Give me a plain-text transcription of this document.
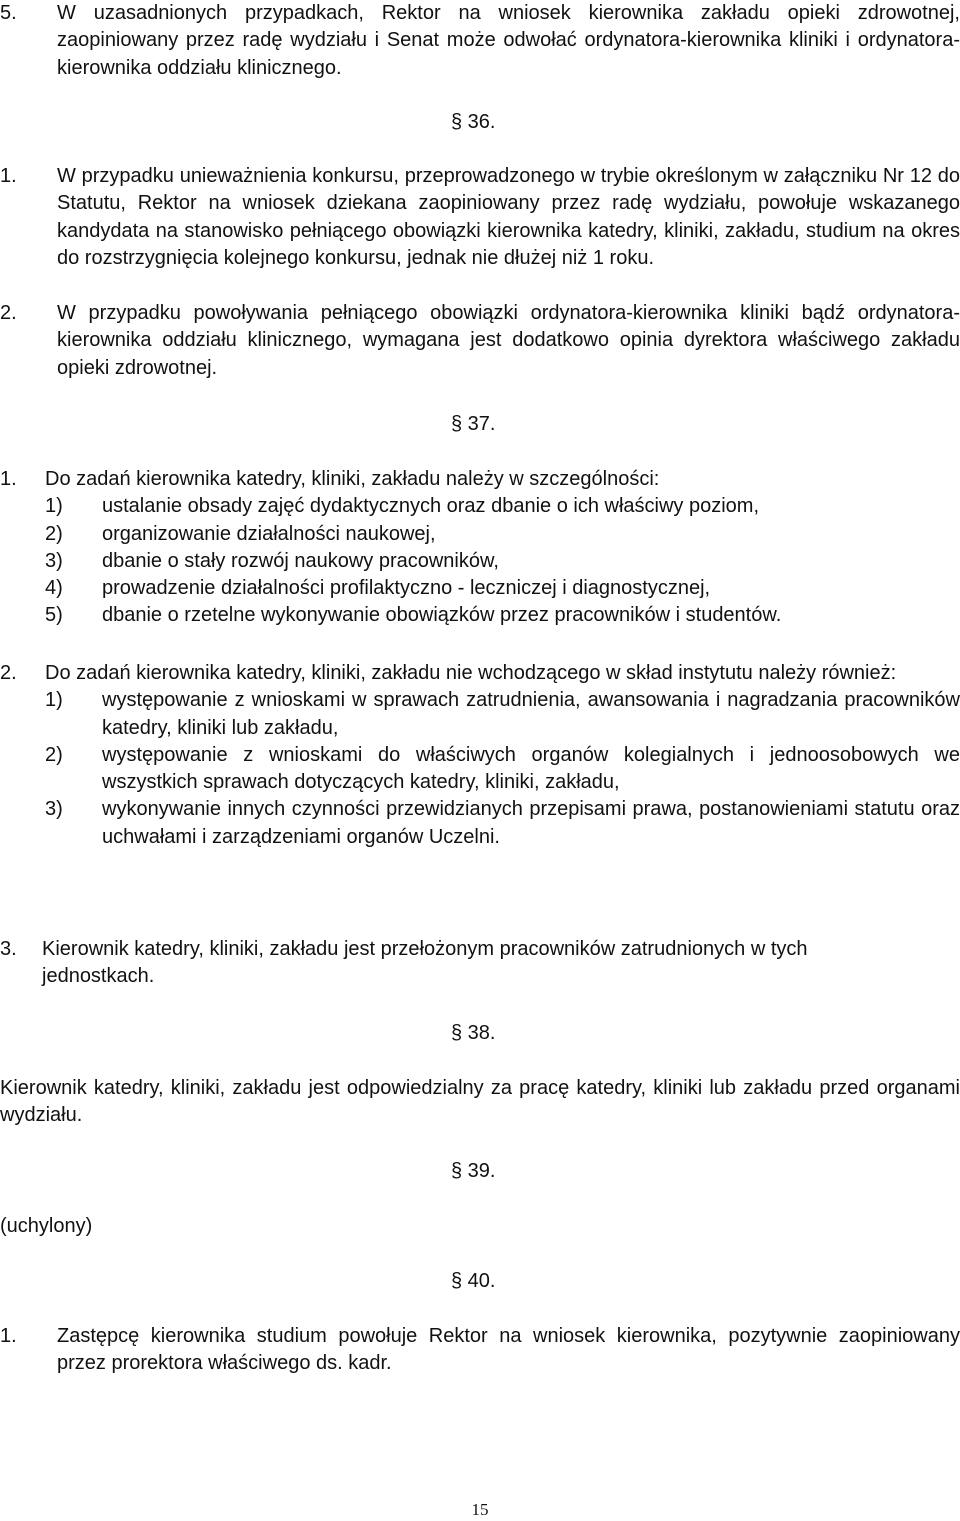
5.	W uzasadnionych przypadkach, Rektor na wniosek kierownika zakładu opieki zdrowotnej, zaopiniowany przez radę wydziału i Senat może odwołać ordynatora-kierownika kliniki i ordynatora-kierownika oddziału klinicznego.
§ 36.
1.	W przypadku unieważnienia konkursu, przeprowadzonego w trybie określonym w załączniku Nr 12 do Statutu, Rektor na wniosek dziekana zaopiniowany przez radę wydziału, powołuje wskazanego kandydata na stanowisko pełniącego obowiązki kierownika katedry, kliniki, zakładu, studium na okres do rozstrzygnięcia kolejnego konkursu, jednak nie dłużej niż 1 roku.
2.	W przypadku powoływania pełniącego obowiązki ordynatora-kierownika kliniki bądź ordynatora-kierownika oddziału klinicznego, wymagana jest dodatkowo opinia dyrektora właściwego zakładu opieki zdrowotnej.
§ 37.
1.	Do zadań kierownika katedry, kliniki, zakładu należy w szczególności:
1)	ustalanie obsady zajęć dydaktycznych oraz dbanie o ich właściwy poziom,
2)	organizowanie działalności naukowej,
3)	dbanie o stały rozwój naukowy pracowników,
4)	prowadzenie działalności profilaktyczno - leczniczej i diagnostycznej,
5)	dbanie o rzetelne wykonywanie obowiązków przez pracowników i studentów.
2.	Do zadań kierownika katedry, kliniki, zakładu nie wchodzącego w skład instytutu należy również:
1)	występowanie z wnioskami w sprawach zatrudnienia, awansowania i nagradzania pracowników katedry, kliniki lub zakładu,
2)	występowanie z wnioskami do właściwych organów kolegialnych i jednoosobowych we wszystkich sprawach dotyczących katedry, kliniki, zakładu,
3)	wykonywanie innych czynności przewidzianych przepisami prawa, postanowieniami statutu oraz uchwałami i zarządzeniami organów Uczelni.
3.	Kierownik katedry, kliniki, zakładu jest przełożonym pracowników zatrudnionych w tych jednostkach.
§ 38.
Kierownik katedry, kliniki, zakładu jest odpowiedzialny za pracę katedry, kliniki lub zakładu przed organami wydziału.
§ 39.
(uchylony)
§ 40.
1.	Zastępcę kierownika studium powołuje Rektor na wniosek kierownika, pozytywnie zaopiniowany przez prorektora właściwego ds. kadr.
15
